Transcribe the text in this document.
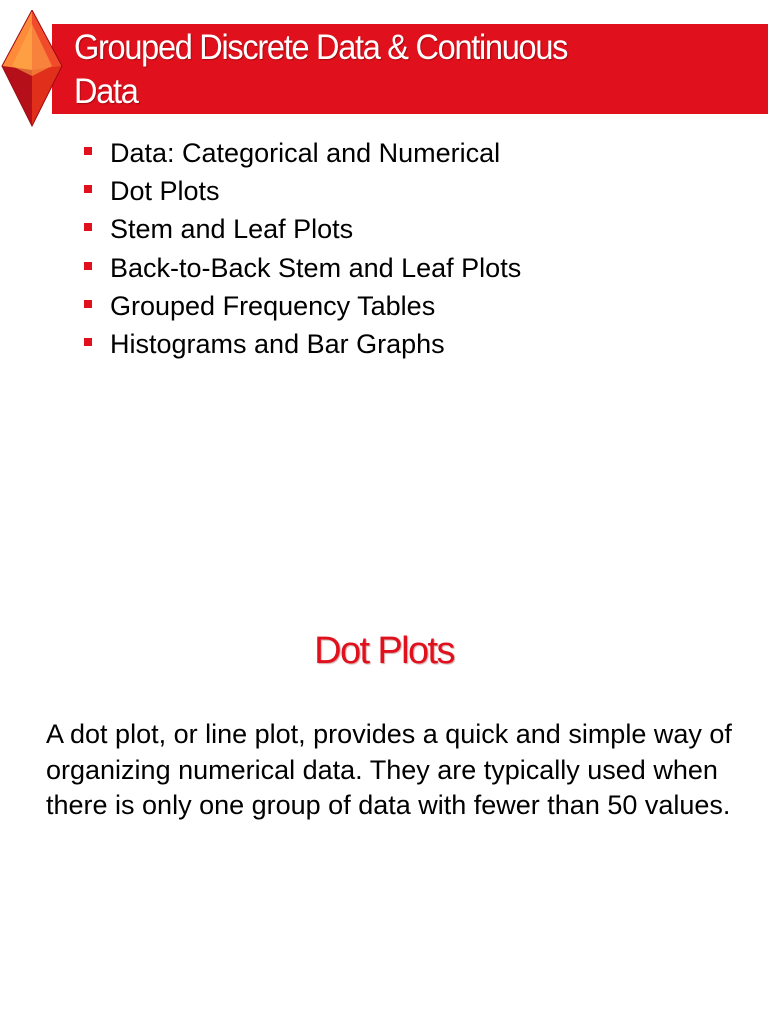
Grouped Discrete Data & Continuous
Data
Data: Categorical and Numerical
Dot Plots
Stem and Leaf Plots
Back-to-Back Stem and Leaf Plots
Grouped Frequency Tables
Histograms and Bar Graphs
Dot Plots

A dot plot, or line plot, provides a quick and simple way of organizing numerical data. They are typically used when there is only one group of data with fewer than 50 values.
